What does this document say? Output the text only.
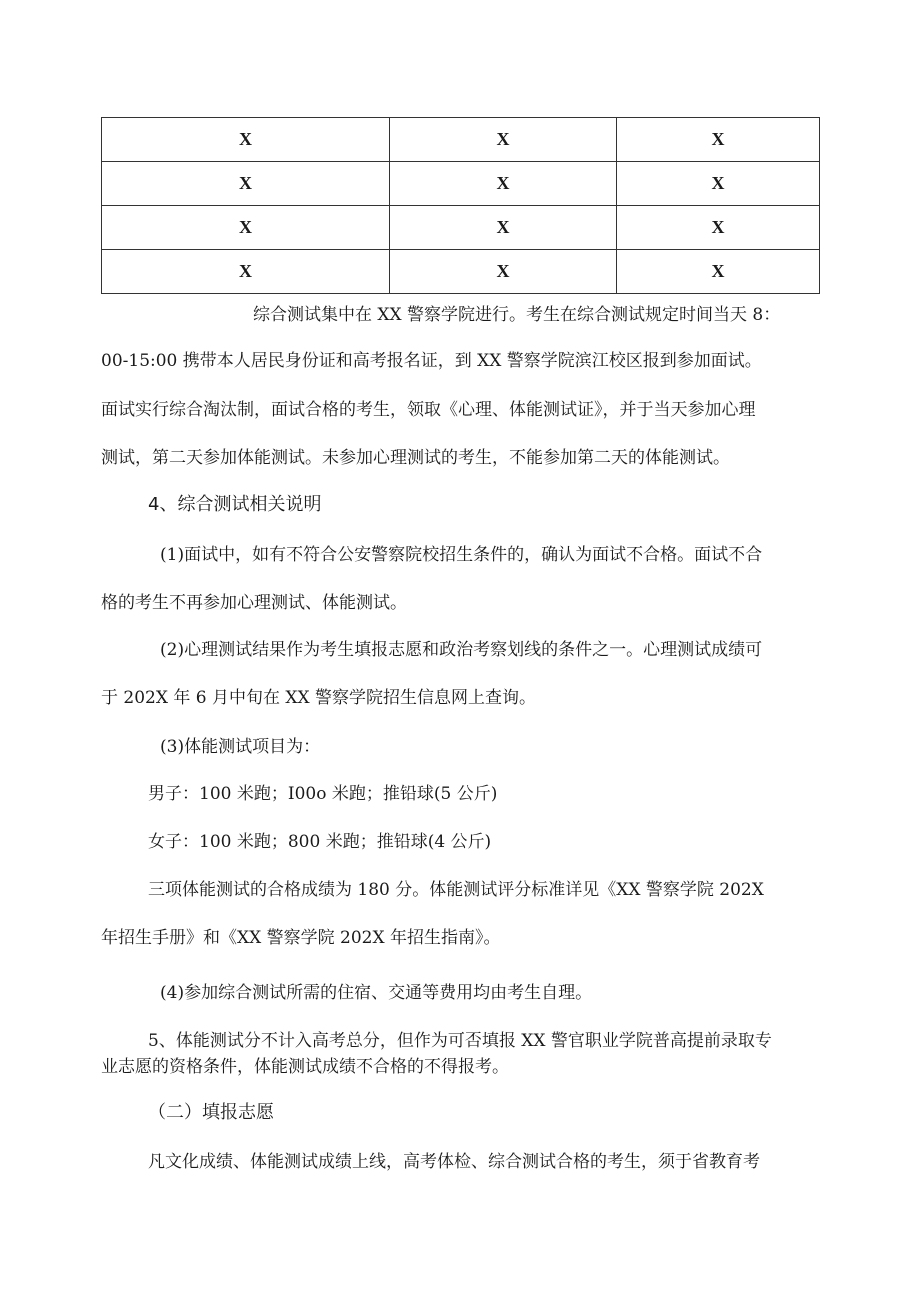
X	X	X
X	X	X
X	X	X
X	X	X

综合测试集中在 XX 警察学院进行。考生在综合测试规定时间当天 8：

00-15:00 携带本人居民身份证和高考报名证，到 XX 警察学院滨江校区报到参加面试。

面试实行综合淘汰制，面试合格的考生，领取《心理、体能测试证》，并于当天参加心理

测试，第二天参加体能测试。未参加心理测试的考生，不能参加第二天的体能测试。

4、综合测试相关说明

(1)面试中，如有不符合公安警察院校招生条件的，确认为面试不合格。面试不合

格的考生不再参加心理测试、体能测试。

(2)心理测试结果作为考生填报志愿和政治考察划线的条件之一。心理测试成绩可

于 202X 年 6 月中旬在 XX 警察学院招生信息网上查询。

(3)体能测试项目为：

男子：100 米跑；I00o 米跑；推铅球(5 公斤)

女子：100 米跑；800 米跑；推铅球(4 公斤)

三项体能测试的合格成绩为 180 分。体能测试评分标准详见《XX 警察学院 202X

年招生手册》和《XX 警察学院 202X 年招生指南》。

(4)参加综合测试所需的住宿、交通等费用均由考生自理。

5、体能测试分不计入高考总分，但作为可否填报 XX 警官职业学院普高提前录取专

业志愿的资格条件，体能测试成绩不合格的不得报考。

（二）填报志愿

凡文化成绩、体能测试成绩上线，高考体检、综合测试合格的考生，须于省教育考
